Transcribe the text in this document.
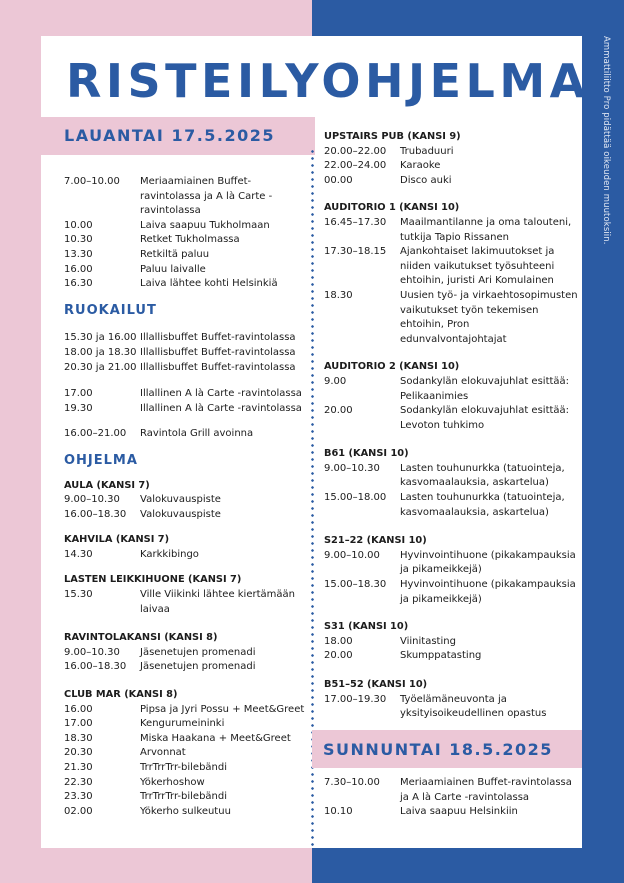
Ammattiliitto Pro pidättää oikeuden muutoksiin.
RISTEILYOHJELMA
LAUANTAI 17.5.2025
7.00–10.00	Meriaamiainen Buffet-ravintolassa ja A là Carte -ravintolassa
10.00	Laiva saapuu Tukholmaan
10.30	Retket Tukholmassa
13.30	Retkiltä paluu
16.00	Paluu laivalle
16.30	Laiva lähtee kohti Helsinkiä
RUOKAILUT
15.30 ja 16.00 Illallisbuffet Buffet-ravintolassa
18.00 ja 18.30 Illallisbuffet Buffet-ravintolassa
20.30 ja 21.00 Illallisbuffet Buffet-ravintolassa
17.00	Illallinen A là Carte -ravintolassa
19.30	Illallinen A là Carte -ravintolassa
16.00–21.00	Ravintola Grill avoinna
OHJELMA
AULA (KANSI 7)
9.00–10.30	Valokuvauspiste
16.00–18.30	Valokuvauspiste
KAHVILA (KANSI 7)
14.30	Karkkibingo
LASTEN LEIKKIHUONE (KANSI 7)
15.30	Ville Viikinki lähtee kiertämään laivaa
RAVINTOLAKANSI (KANSI 8)
9.00–10.30	Jäsenetujen promenadi
16.00–18.30	Jäsenetujen promenadi
CLUB MAR (KANSI 8)
16.00	Pipsa ja Jyri Possu + Meet&Greet
17.00	Kengurumeininki
18.30	Miska Haakana + Meet&Greet
20.30	Arvonnat
21.30	TrrTrrTrr-bilebändi
22.30	Yökerhoshow
23.30	TrrTrrTrr-bilebändi
02.00	Yökerho sulkeutuu
UPSTAIRS PUB (KANSI 9)
20.00–22.00	Trubaduuri
22.00–24.00	Karaoke
00.00	Disco auki
AUDITORIO 1 (KANSI 10)
16.45–17.30	Maailmantilanne ja oma talouteni, tutkija Tapio Rissanen
17.30–18.15	Ajankohtaiset lakimuutokset ja niiden vaikutukset työsuhteeni ehtoihin, juristi Ari Komulainen
18.30	Uusien työ- ja virkaehtosopimusten vaikutukset työn tekemisen ehtoihin, Pron edunvalvontajohtajat
AUDITORIO 2 (KANSI 10)
9.00	Sodankylän elokuvajuhlat esittää: Pelikaanimies
20.00	Sodankylän elokuvajuhlat esittää: Levoton tuhkimo
B61 (KANSI 10)
9.00–10.30	Lasten touhunurkka (tatuointeja, kasvomaalauksia, askartelua)
15.00–18.00	Lasten touhunurkka (tatuointeja, kasvomaalauksia, askartelua)
S21–22 (KANSI 10)
9.00–10.00	Hyvinvointihuone (pikakampauksia ja pikameikkejä)
15.00–18.30	Hyvinvointihuone (pikakampauksia ja pikameikkejä)
S31 (KANSI 10)
18.00	Viinitasting
20.00	Skumppatasting
B51–52 (KANSI 10)
17.00–19.30	Työelämäneuvonta ja yksityisoikeudellinen opastus
SUNNUNTAI 18.5.2025
7.30–10.00	Meriaamiainen Buffet-ravintolassa ja A là Carte -ravintolassa
10.10	Laiva saapuu Helsinkiin
